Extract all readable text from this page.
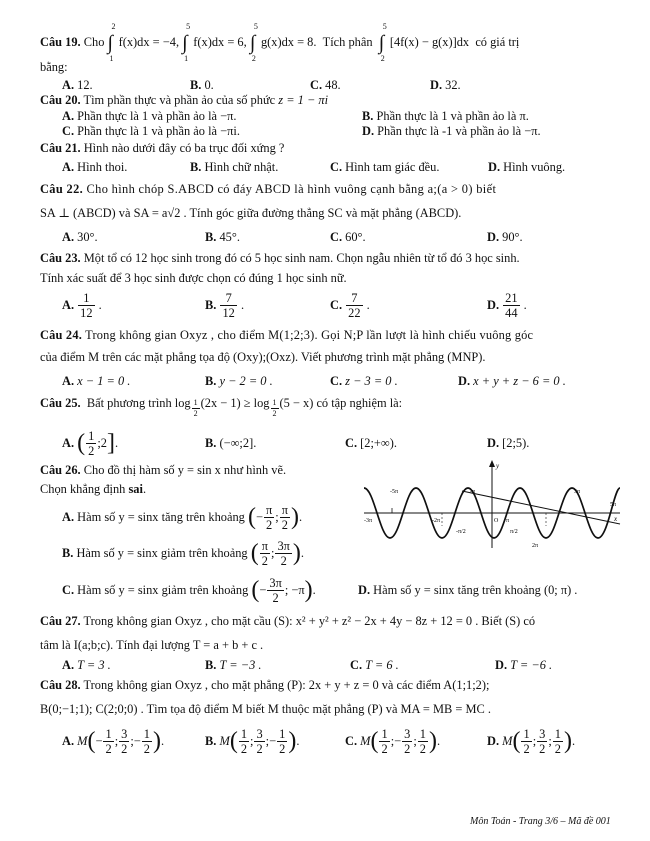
Câu 19. Cho ∫
2
1
f(x)dx = −4, ∫
5
1
f(x)dx = 6, ∫
5
2
g(x)dx = 8. Tích phân ∫
5
2
[4f(x) − g(x)]dx có giá trị
bằng:
A. 12.	B. 0.	C. 48.	D. 32.
Câu 20. Tìm phần thực và phần ảo của số phức z = 1 − πi
A. Phần thực là 1 và phần ảo là −π.	B. Phần thực là 1 và phần ảo là π.
C. Phần thực là 1 và phần ảo là −πi.	D. Phần thực là -1 và phần ảo là −π.
Câu 21. Hình nào dưới đây có ba trục đối xứng ?
A. Hình thoi.	B. Hình chữ nhật.	C. Hình tam giác đều.	D. Hình vuông.
Câu 22. Cho hình chóp S.ABCD có đáy ABCD là hình vuông cạnh bằng a;(a > 0) biết
SA ⊥ (ABCD) và SA = a√2 . Tính góc giữa đường thẳng SC và mặt phẳng (ABCD).
A. 30°.	B. 45°.	C. 60°.	D. 90°.
Câu 23. Một tổ có 12 học sinh trong đó có 5 học sinh nam. Chọn ngẫu nhiên từ tổ đó 3 học sinh.
Tính xác suất để 3 học sinh được chọn có đúng 1 học sinh nữ.
A. $\frac{1}{12}$ .	B. $\frac{7}{12}$ .	C. $\frac{7}{22}$ .	D. $\frac{21}{44}$ .
Câu 24. Trong không gian Oxyz , cho điểm M(1;2;3). Gọi N;P lần lượt là hình chiếu vuông góc
của điểm M trên các mặt phẳng tọa độ (Oxy);(Oxz). Viết phương trình mặt phẳng (MNP).
A. x − 1 = 0 .	B. y − 2 = 0 .	C. z − 3 = 0 .	D. x + y + z − 6 = 0 .
Câu 25. Bất phương trình log $_{\frac{1}{2}}$ (2x − 1) ≥ log $_{\frac{1}{2}}$ (5 − x) có tập nghiệm là:
A. ( $\frac{1}{2}$ ;2].	B. (−∞;2].	C. [2;+∞).	D. [2;5).
Câu 26. Cho đồ thị hàm số y = sin x như hình vẽ.
Chọn khẳng định sai.	-5π	-π	3π
5π
-3π	π
2π
-2π
-π/2	π/2
O
y
x
A. Hàm số y = sinx tăng trên khoảng (− $\frac{\pi}{2}$ ; $\frac{\pi}{2}$ ).
B. Hàm số y = sinx giảm trên khoảng ( $\frac{\pi}{2}$ ; $\frac{3\pi}{2}$ ).
C. Hàm số y = sinx giảm trên khoảng (− $\frac{3\pi}{2}$ ; −π).	D. Hàm số y = sinx tăng trên khoảng (0; π) .
Câu 27. Trong không gian Oxyz , cho mặt cầu (S): x² + y² + z² − 2x + 4y − 8z + 12 = 0 . Biết (S) có
tâm là I(a;b;c). Tính đại lượng T = a + b + c .
A. T = 3 .	B. T = −3 .	C. T = 6 .	D. T = −6 .
Câu 28. Trong không gian Oxyz , cho mặt phẳng (P): 2x + y + z = 0 và các điểm A(1;1;2);
B(0;−1;1); C(2;0;0) . Tìm tọa độ điểm M biết M thuộc mặt phẳng (P) và MA = MB = MC .
A. $M(- \frac{1}{2}$ ; $\frac{3}{2}$ ;− $\frac{1}{2}$ ).	B. $M( \frac{1}{2}$ ; $\frac{3}{2}$ ;− $\frac{1}{2}$ ).	C. $M( \frac{1}{2}$ ;− $\frac{3}{2}$ ; $\frac{1}{2}$ ).	D. $M( \frac{1}{2}$ ; $\frac{3}{2}$ ; $\frac{1}{2}$ ).
Môn Toán - Trang 3/6 – Mã đề 001
